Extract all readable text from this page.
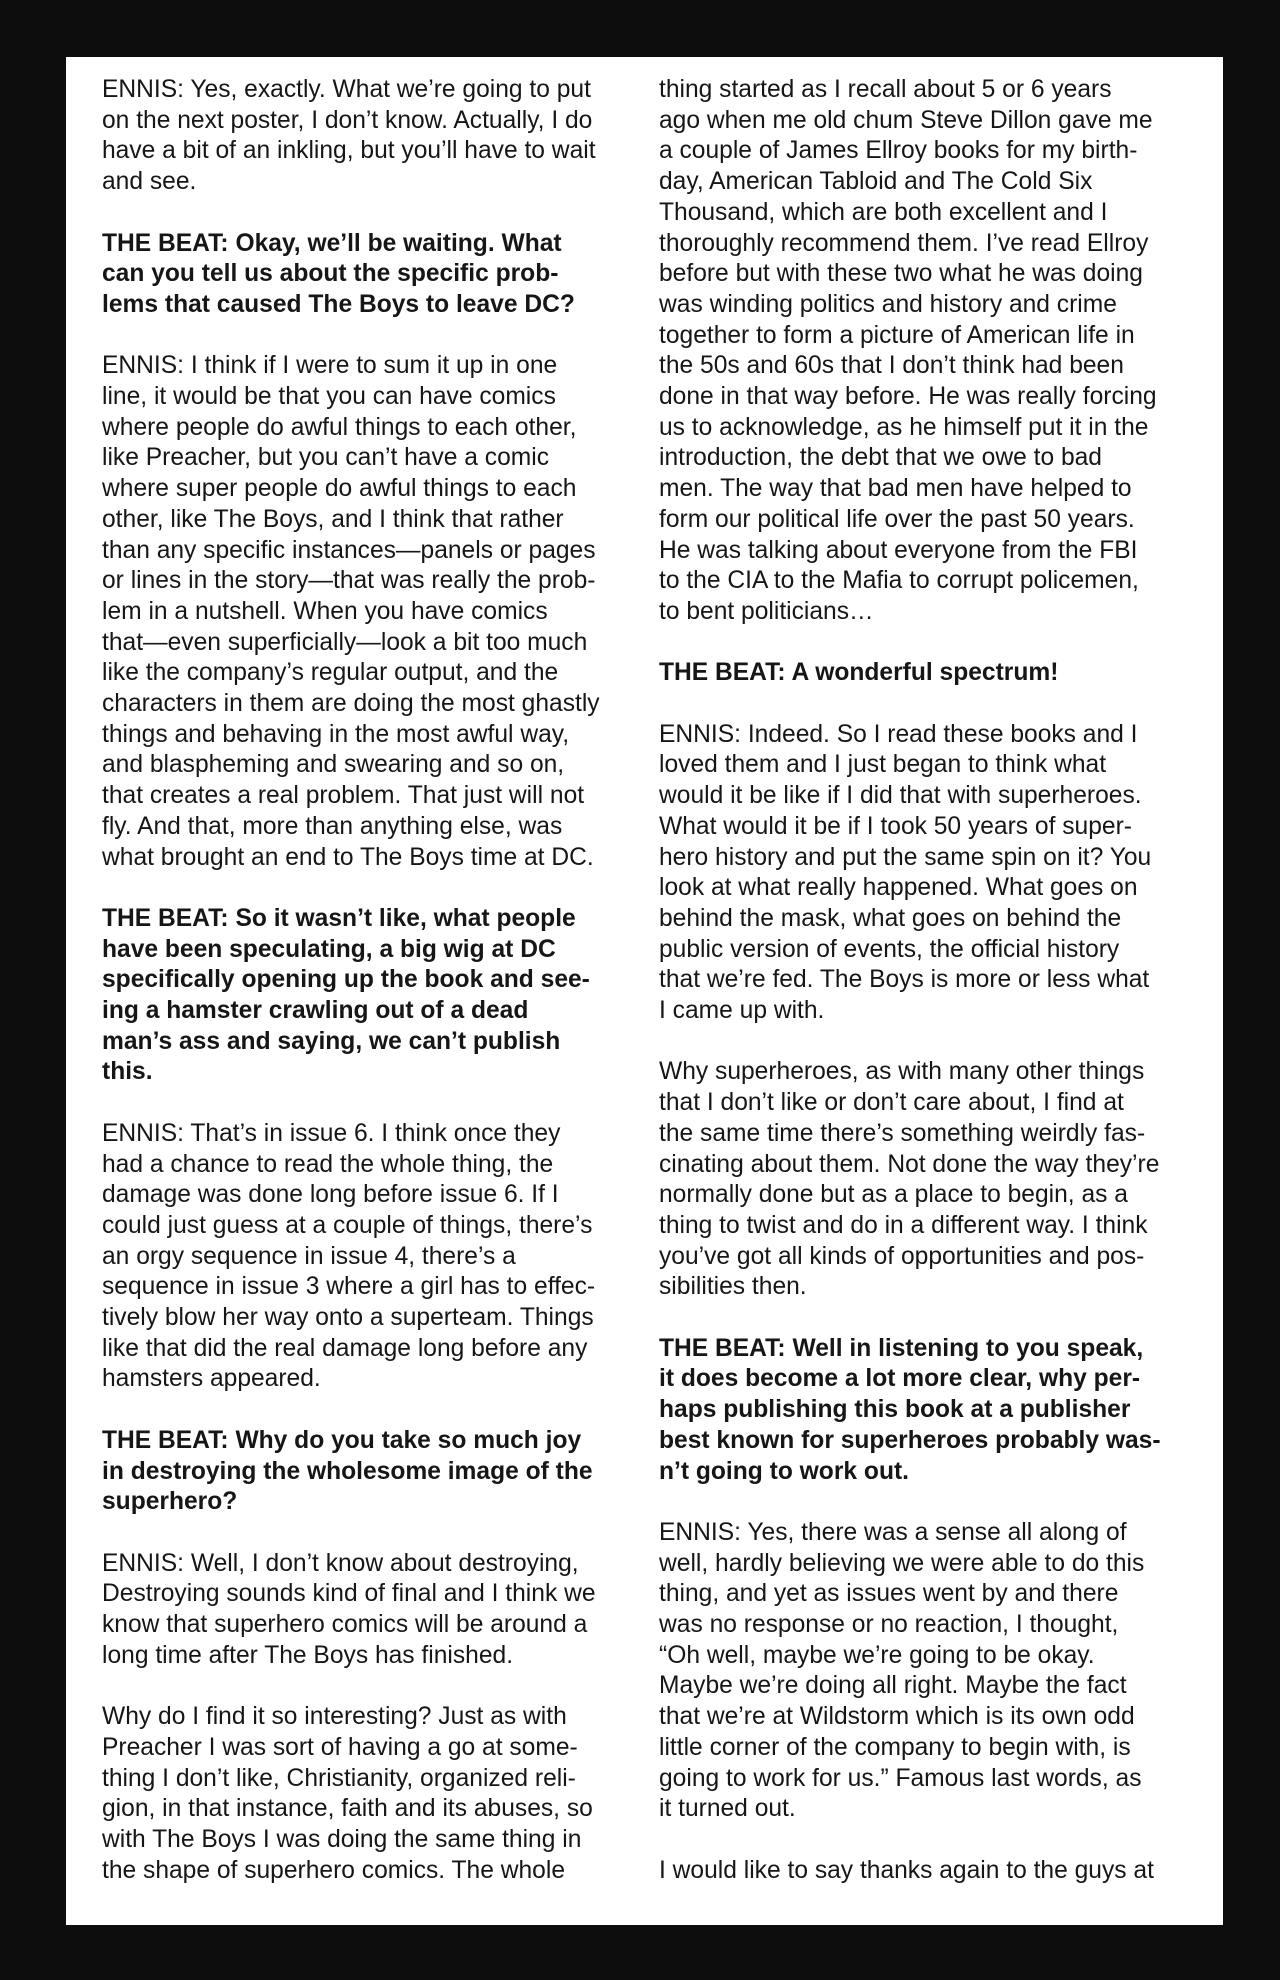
ENNIS: Yes, exactly. What we’re going to put
on the next poster, I don’t know. Actually, I do
have a bit of an inkling, but you’ll have to wait
and see.
THE BEAT: Okay, we’ll be waiting. What
can you tell us about the specific prob-
lems that caused The Boys to leave DC?
ENNIS: I think if I were to sum it up in one
line, it would be that you can have comics
where people do awful things to each other,
like Preacher, but you can’t have a comic
where super people do awful things to each
other, like The Boys, and I think that rather
than any specific instances—panels or pages
or lines in the story—that was really the prob-
lem in a nutshell. When you have comics
that—even superficially—look a bit too much
like the company’s regular output, and the
characters in them are doing the most ghastly
things and behaving in the most awful way,
and blaspheming and swearing and so on,
that creates a real problem. That just will not
fly. And that, more than anything else, was
what brought an end to The Boys time at DC.
THE BEAT: So it wasn’t like, what people
have been speculating, a big wig at DC
specifically opening up the book and see-
ing a hamster crawling out of a dead
man’s ass and saying, we can’t publish
this.
ENNIS: That’s in issue 6. I think once they
had a chance to read the whole thing, the
damage was done long before issue 6. If I
could just guess at a couple of things, there’s
an orgy sequence in issue 4, there’s a
sequence in issue 3 where a girl has to effec-
tively blow her way onto a superteam. Things
like that did the real damage long before any
hamsters appeared.
THE BEAT: Why do you take so much joy
in destroying the wholesome image of the
superhero?
ENNIS: Well, I don’t know about destroying,
Destroying sounds kind of final and I think we
know that superhero comics will be around a
long time after The Boys has finished.
Why do I find it so interesting? Just as with
Preacher I was sort of having a go at some-
thing I don’t like, Christianity, organized reli-
gion, in that instance, faith and its abuses, so
with The Boys I was doing the same thing in
the shape of superhero comics. The whole
thing started as I recall about 5 or 6 years
ago when me old chum Steve Dillon gave me
a couple of James Ellroy books for my birth-
day, American Tabloid and The Cold Six
Thousand, which are both excellent and I
thoroughly recommend them. I’ve read Ellroy
before but with these two what he was doing
was winding politics and history and crime
together to form a picture of American life in
the 50s and 60s that I don’t think had been
done in that way before. He was really forcing
us to acknowledge, as he himself put it in the
introduction, the debt that we owe to bad
men. The way that bad men have helped to
form our political life over the past 50 years.
He was talking about everyone from the FBI
to the CIA to the Mafia to corrupt policemen,
to bent politicians…
THE BEAT: A wonderful spectrum!
ENNIS: Indeed. So I read these books and I
loved them and I just began to think what
would it be like if I did that with superheroes.
What would it be if I took 50 years of super-
hero history and put the same spin on it? You
look at what really happened. What goes on
behind the mask, what goes on behind the
public version of events, the official history
that we’re fed. The Boys is more or less what
I came up with.
Why superheroes, as with many other things
that I don’t like or don’t care about, I find at
the same time there’s something weirdly fas-
cinating about them. Not done the way they’re
normally done but as a place to begin, as a
thing to twist and do in a different way. I think
you’ve got all kinds of opportunities and pos-
sibilities then.
THE BEAT: Well in listening to you speak,
it does become a lot more clear, why per-
haps publishing this book at a publisher
best known for superheroes probably was-
n’t going to work out.
ENNIS: Yes, there was a sense all along of
well, hardly believing we were able to do this
thing, and yet as issues went by and there
was no response or no reaction, I thought,
“Oh well, maybe we’re going to be okay.
Maybe we’re doing all right. Maybe the fact
that we’re at Wildstorm which is its own odd
little corner of the company to begin with, is
going to work for us.” Famous last words, as
it turned out.
I would like to say thanks again to the guys at
